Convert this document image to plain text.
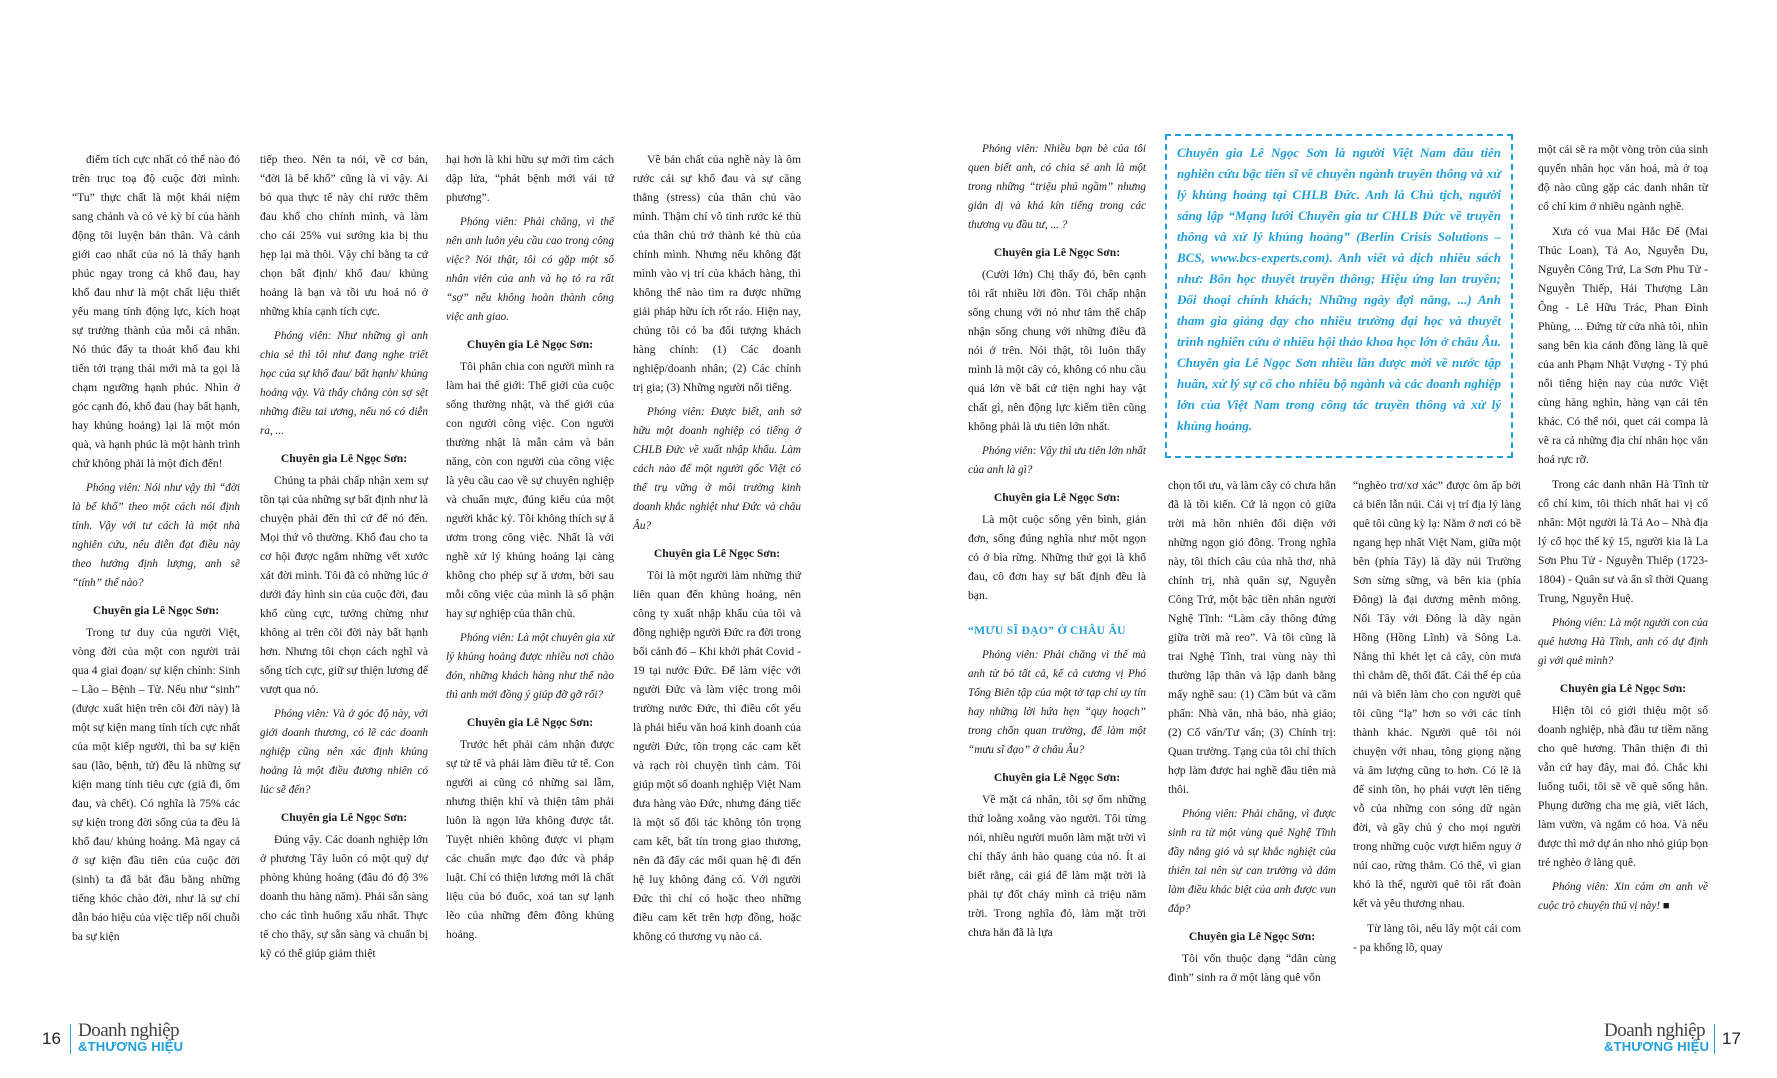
điểm tích cực nhất có thể nào đó trên trục toạ độ cuộc đời mình. “Tu” thực chất là một khái niệm sang chảnh và có vẻ kỳ bí của hành động tôi luyện bản thân. Và cảnh giới cao nhất của nó là thấy hạnh phúc ngay trong cả khổ đau, hay khổ đau như là một chất liệu thiết yếu mang tính động lực, kích hoạt sự trưởng thành của mỗi cá nhân. Nó thúc đẩy ta thoát khổ đau khi tiến tới trạng thái mới mà ta gọi là chạm ngưỡng hạnh phúc. Nhìn ở góc cạnh đó, khổ đau (hay bất hạnh, hay khủng hoảng) lại là một món quà, và hạnh phúc là một hành trình chứ không phải là một đích đến!

Phóng viên: Nói như vậy thì “đời là bể khổ” theo một cách nói định tính. Vậy với tư cách là một nhà nghiên cứu, nếu diễn đạt điều này theo hướng định lượng, anh sẽ “tính” thế nào?

Chuyên gia Lê Ngọc Sơn:

Trong tư duy của người Việt, vòng đời của một con người trải qua 4 giai đoạn/ sự kiện chính: Sinh – Lão – Bệnh – Tử. Nếu như “sinh” (được xuất hiện trên cõi đời này) là một sự kiện mang tính tích cực nhất của một kiếp người, thì ba sự kiện sau (lão, bệnh, tử) đều là những sự kiện mang tính tiêu cực (già đi, ốm đau, và chết). Có nghĩa là 75% các sự kiện trong đời sống của ta đều là khổ đau/ khủng hoảng. Mà ngay cả ở sự kiện đầu tiên của cuộc đời (sinh) ta đã bắt đầu bằng những tiếng khóc chào đời, như là sự chỉ dẫn báo hiệu của việc tiếp nối chuỗi ba sự kiện

tiếp theo. Nên ta nói, về cơ bản, “đời là bể khổ” cũng là vì vậy. Ai bỏ qua thực tế này chỉ rước thêm đau khổ cho chính mình, và làm cho cái 25% vui sướng kia bị thu hẹp lại mà thôi. Vậy chỉ bằng ta cứ chọn bất định/ khổ đau/ khủng hoảng là bạn và tồi ưu hoá nó ở những khía cạnh tích cực.

Phóng viên: Như những gì anh chia sẻ thì tôi như đang nghe triết học của sự khổ đau/ bất hạnh/ khủng hoảng vậy. Và thấy chẳng còn sợ sệt những điều tai ương, nếu nó có diễn ra, ...

Chuyên gia Lê Ngọc Sơn:

Chúng ta phải chấp nhận xem sự tồn tại của những sự bất định như là chuyện phải đến thì cứ để nó đến. Mọi thứ vô thường. Khổ đau cho ta cơ hội được ngắm những vết xước xát đời mình. Tôi đã có những lúc ở dưới đáy hình sin của cuộc đời, đau khổ cùng cực, tưởng chừng như không ai trên cõi đời này bất hạnh hơn. Nhưng tôi chọn cách nghĩ và sống tích cực, giữ sự thiện lương để vượt qua nó.

Phóng viên: Và ở góc độ này, với giới doanh thương, có lẽ các doanh nghiệp cũng nên xác định khủng hoảng là một điều đương nhiên có lúc sẽ đến?

Chuyên gia Lê Ngọc Sơn:

Đúng vậy. Các doanh nghiệp lớn ở phương Tây luôn có một quỹ dự phòng khủng hoảng (đâu đó độ 3% doanh thu hàng năm). Phải sẵn sàng cho các tình huống xấu nhất. Thực tế cho thấy, sự sẵn sàng và chuẩn bị kỹ có thể giúp giảm thiệt

hại hơn là khi hữu sự mới tìm cách dập lửa, “phát bệnh mới vái tứ phương”.

Phóng viên: Phải chăng, vì thế nên anh luôn yêu cầu cao trong công việc? Nói thật, tôi có gặp một số nhân viên của anh và họ tỏ ra rất “sợ” nếu không hoàn thành công việc anh giao.

Chuyên gia Lê Ngọc Sơn:

Tôi phân chia con người mình ra làm hai thế giới: Thế giới của cuộc sống thường nhật, và thế giới của con người công việc. Con người thường nhật là mẫn cảm và bản năng, còn con người của công việc là yêu cầu cao về sự chuyên nghiệp và chuẩn mực, đúng kiểu của một người khắc kỷ. Tôi không thích sự ă ươm trong công việc. Nhất là với nghề xử lý khủng hoảng lại càng không cho phép sự ă ươm, bởi sau mỗi công việc của mình là số phận hay sự nghiệp của thân chủ.

Phóng viên: Là một chuyên gia xử lý khủng hoảng được nhiều nơi chào đón, những khách hàng như thế nào thì anh mới đồng ý giúp đỡ gỡ rối?

Chuyên gia Lê Ngọc Sơn:

Trước hết phải cảm nhận được sự tử tế và phải làm điều tử tế. Con người ai cũng có những sai lầm, nhưng thiện khí và thiện tâm phải luôn là ngọn lửa không được tắt. Tuyệt nhiên không được vi phạm các chuẩn mực đạo đức và pháp luật. Chỉ có thiện lương mới là chất liệu của bó đuốc, xoá tan sự lạnh lẽo của những đêm đông khủng hoảng.

Về bản chất của nghề này là ôm rước cái sự khổ đau và sự căng thẳng (stress) của thân chủ vào mình. Thậm chí vô tình rước kẻ thù của thân chủ trở thành kẻ thù của chính mình. Nhưng nếu không đặt mình vào vị trí của khách hàng, thì không thể nào tìm ra được những giải pháp hữu ích rốt ráo. Hiện nay, chúng tôi có ba đối tượng khách hàng chính: (1) Các doanh nghiệp/doanh nhân; (2) Các chính trị gia; (3) Những người nổi tiếng.

Phóng viên: Được biết, anh sở hữu một doanh nghiệp có tiếng ở CHLB Đức về xuất nhập khẩu. Làm cách nào để một người gốc Việt có thể trụ vững ở môi trường kinh doanh khắc nghiệt như Đức và châu Âu?

Chuyên gia Lê Ngọc Sơn:

Tôi là một người làm những thứ liên quan đến khủng hoảng, nên công ty xuất nhập khẩu của tôi và đồng nghiệp người Đức ra đời trong bối cảnh đó – Khi khởi phát Covid - 19 tại nước Đức. Để làm việc với người Đức và làm việc trong môi trường nước Đức, thì điều cốt yếu là phải hiểu văn hoá kinh doanh của người Đức, tôn trọng các cam kết và rạch ròi chuyện tình cảm. Tôi giúp một số doanh nghiệp Việt Nam đưa hàng vào Đức, nhưng đáng tiếc là một số đối tác không tôn trọng cam kết, bất tín trong giao thương, nên đã đẩy các mối quan hệ đi đến hệ luỵ không đáng có. Với người Đức thì chỉ có hoặc theo những điều cam kết trên hợp đồng, hoặc không có thương vụ nào cả.

16 Doanh nghiệp
&THƯƠNG HIỆU

Phóng viên: Nhiều bạn bè của tôi quen biết anh, có chia sẻ anh là một trong những “triệu phú ngầm” nhưng giản dị và khá kín tiếng trong các thương vụ đầu tư, ... ?

Chuyên gia Lê Ngọc Sơn:

(Cười lớn) Chị thấy đó, bên cạnh tôi rất nhiều lời đồn. Tôi chấp nhận sống chung với nó như tâm thế chấp nhận sống chung với những điều đã nói ở trên. Nói thật, tôi luôn thấy mình là một cây cỏ, không có nhu cầu quá lớn về bất cứ tiện nghi hay vật chất gì, nên động lực kiếm tiền cũng không phải là ưu tiên lớn nhất.

Phóng viên: Vậy thì ưu tiên lớn nhất của anh là gì?

Chuyên gia Lê Ngọc Sơn:

Là một cuộc sống yên bình, giản đơn, sống đúng nghĩa như một ngọn cỏ ở bìa rừng. Những thứ gọi là khổ đau, cô đơn hay sự bất định đều là bạn.

“MƯU SĨ ĐẠO” Ở CHÂU ÂU

Phóng viên: Phải chăng vì thế mà anh từ bỏ tất cả, kể cả cương vị Phó Tổng Biên tập của một tờ tạp chí uy tín hay những lời hứa hẹn “quy hoạch” trong chốn quan trường, để làm một “mưu sĩ đạo” ở châu Âu?

Chuyên gia Lê Ngọc Sơn:

Về mặt cá nhân, tôi sợ ốm những thứ loằng xoằng vào người. Tôi từng nói, nhiều người muốn làm mặt trời vì chỉ thấy ánh hào quang của nó. Ít ai biết rằng, cái giá để làm mặt trời là phải tự đốt cháy mình cả triệu năm trời. Trong nghĩa đó, làm mặt trời chưa hẳn đã là lựa

Chuyên gia Lê Ngọc Sơn là người Việt Nam đầu tiên nghiên cứu bậc tiến sĩ về chuyên ngành truyền thông và xử lý khủng hoảng tại CHLB Đức. Anh là Chủ tịch, người sáng lập “Mạng lưới Chuyên gia tư CHLB Đức về truyền thông và xử lý khủng hoảng” (Berlin Crisis Solutions – BCS, www.bcs-experts.com). Anh viết và dịch nhiều sách như: Bốn học thuyết truyền thông; Hiệu ứng lan truyền; Đối thoại chính khách; Những ngày đợi nắng, ...) Anh tham gia giảng dạy cho nhiều trường đại học và thuyết trình nghiên cứu ở nhiều hội thảo khoa học lớn ở châu Âu. Chuyên gia Lê Ngọc Sơn nhiều lần được mời về nước tập huấn, xử lý sự cố cho nhiều bộ ngành và các doanh nghiệp lớn của Việt Nam trong công tác truyền thông và xử lý khủng hoảng.

chọn tối ưu, và làm cây cỏ chưa hẳn đã là tồi kiến. Cứ là ngọn cỏ giữa trời mà hồn nhiên đối diện với những ngọn gió đông. Trong nghĩa này, tôi thích câu của nhà thơ, nhà chính trị, nhà quân sự, Nguyễn Công Trứ, một bậc tiền nhân người Nghệ Tĩnh: “Làm cây thông đứng giữa trời mà reo”. Và tôi cũng là trai Nghệ Tĩnh, trai vùng này thì thường lập thân và lập danh bằng mấy nghề sau: (1) Cầm bút và cầm phấn: Nhà văn, nhà báo, nhà giáo; (2) Cố vấn/Tư vấn; (3) Chính trị: Quan trường. Tạng của tôi chỉ thích hợp làm được hai nghề đầu tiên mà thôi.

Phóng viên: Phải chăng, vì được sinh ra từ một vùng quê Nghệ Tĩnh đầy nắng gió và sự khắc nghiệt của thiên tai nên sự can trường và dám làm điều khác biệt của anh được vun đắp?

Chuyên gia Lê Ngọc Sơn:

Tôi vốn thuộc dạng “dân cùng đinh” sinh ra ở một làng quê vốn

“nghèo trơ/xơ xác” được ôm ấp bởi cả biển lẫn núi. Cái vị trí địa lý làng quê tôi cũng kỳ lạ: Nằm ở nơi có bề ngang hẹp nhất Việt Nam, giữa một bên (phía Tây) là dãy núi Trường Sơn sừng sững, và bên kia (phía Đông) là đại dương mênh mông. Nối Tây với Đông là dãy ngàn Hồng (Hồng Lĩnh) và Sông La. Nắng thì khét lẹt cả cây, còn mưa thì chằm dề, thối đất. Cái thế ép của núi và biển làm cho con người quê tôi cũng “lạ” hơn so với các tỉnh thành khác. Người quê tôi nói chuyện với nhau, tông giọng nặng và âm lượng cũng to hơn. Có lẽ là để sinh tồn, họ phải vượt lên tiếng vỗ của những con sóng dữ ngàn đời, và gầy chủ ý cho mọi người trong những cuộc vượt hiểm nguy ở núi cao, rừng thẳm. Có thể, vì gian khó là thế, người quê tôi rất đoàn kết và yêu thương nhau.

Từ làng tôi, nếu lấy một cái com - pa khổng lồ, quay

một cái sẽ ra một vòng tròn của sinh quyển nhân học văn hoá, mà ở toạ độ nào cũng gặp các danh nhân từ cổ chí kim ở nhiều ngành nghề.

Xưa có vua Mai Hắc Đế (Mai Thúc Loan), Tả Ao, Nguyễn Du, Nguyễn Công Trứ, La Sơn Phu Tử - Nguyễn Thiếp, Hải Thượng Lãn Ông - Lê Hữu Trác, Phan Đình Phùng, ... Đứng từ cửa nhà tôi, nhìn sang bên kia cánh đồng làng là quê của anh Phạm Nhật Vượng - Tỷ phú nổi tiếng hiện nay của nước Việt cùng hàng nghìn, hàng vạn cái tên khác. Có thể nói, quet cái compa là vẽ ra cả những địa chỉ nhân học văn hoá rực rỡ.

Trong các danh nhân Hà Tĩnh từ cổ chí kim, tôi thích nhất hai vị cổ nhân: Một người là Tả Ao – Nhà địa lý cổ học thế kỷ 15, người kia là La Sơn Phu Tử - Nguyễn Thiếp (1723-1804) - Quân sư và ẩn sĩ thời Quang Trung, Nguyễn Huệ.

Phóng viên: Là một người con của quê hương Hà Tĩnh, anh có dự định gì với quê mình?

Chuyên gia Lê Ngọc Sơn:

Hiện tôi có giới thiệu một số doanh nghiệp, nhà đầu tư tiềm năng cho quê hương. Thân thiện đi thì vẫn cứ hay đây, mai đó. Chắc khi luống tuổi, tôi sẽ về quê sống hẳn. Phụng dưỡng cha mẹ già, viết lách, làm vườn, và ngắm cỏ hoa. Và nếu được thì mở dự án nho nhỏ giúp bọn trẻ nghèo ở làng quê.

Phóng viên: Xin cảm ơn anh về cuộc trò chuyện thú vị này! ■

Doanh nghiệp
&THƯƠNG HIỆU 17
